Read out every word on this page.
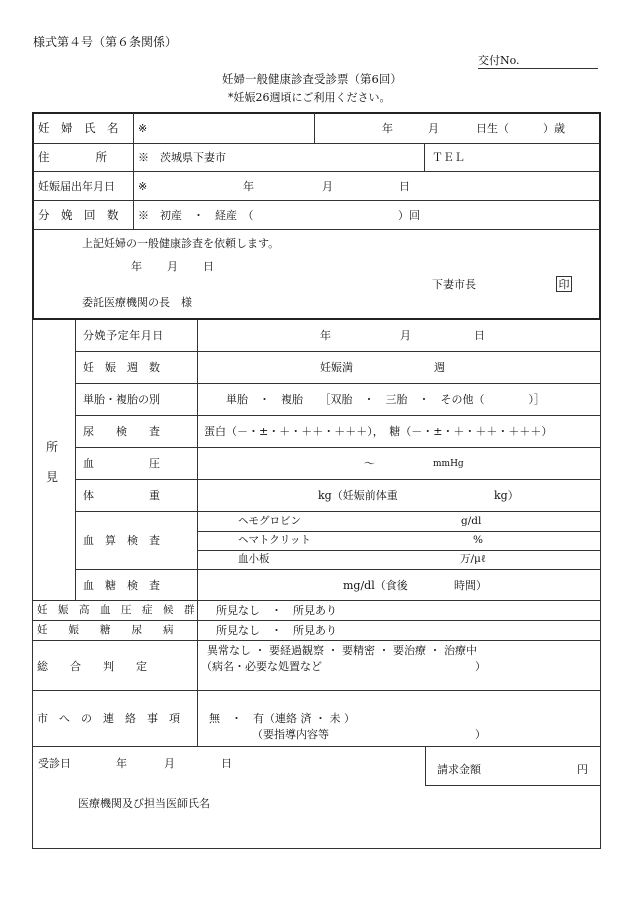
様式第４号（第６条関係）
交付No.
妊婦一般健康診査受診票（第6回）
*妊娠26週頃にご利用ください。
妊　婦　氏　名 ※	年	月	日生（	）歳
住　　　　所	※　茨城県下妻市	ＴＥＬ
妊娠届出年月日 ※	年	月	日
分　娩　回　数 ※　初産　・　経産　（	）回
上記妊婦の一般健康診査を依頼します。
年 月 日
下妻市長	印
委託医療機関の長　様
所
見
分娩予定年月日	年	月	日
妊　娠　週　数	妊娠満	週
単胎・複胎の別	単胎　・　複胎　　［双胎　・　三胎　・　その他（　　　　）］
尿　　検　　査	蛋白（－・±・＋・＋＋・＋＋＋），　糖（－・±・＋・＋＋・＋＋＋）
血　　　　　圧	～	mmHg
体　　　　　重	kg（妊娠前体重	kg）
血　算　検　査
ヘモグロビン	g/dl
ヘマトクリット	%
血小板	万/μℓ
血　糖　検　査	mg/dl（食後	時間）
妊　娠　高　血　圧　症　候　群 所見なし　・　所見あり
妊　　娠　　糖　　尿　　病	所見なし　・　所見あり
総　　合　　判　　定
異常なし ・ 要経過観察 ・ 要精密 ・ 要治療 ・ 治療中
（病名・必要な処置など	）
市　へ　の　連　絡　事　項	無　・　有（連絡 済 ・ 未 ）
（要指導内容等	）
受診日	年	月	日	請求金額	円
医療機関及び担当医師氏名
